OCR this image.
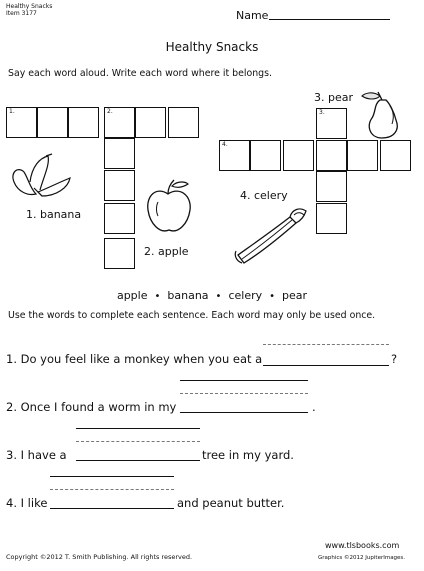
Healthy Snacks
Item 3177	Name
Healthy Snacks
Say each word aloud. Write each word where it belongs.
1.	2.
4.
3.
1. banana
2. apple
3. pear
4. celery
apple • banana • celery • pear
Use the words to complete each sentence. Each word may only be used once.
1. Do you feel like a monkey when you eat a	?
2. Once I found a worm in my	.
3. I have a	tree in my yard.
4. I like	and peanut butter.
Copyright ©2012 T. Smith Publishing. All rights reserved.
www.tlsbooks.com
Graphics ©2012 JupiterImages.
